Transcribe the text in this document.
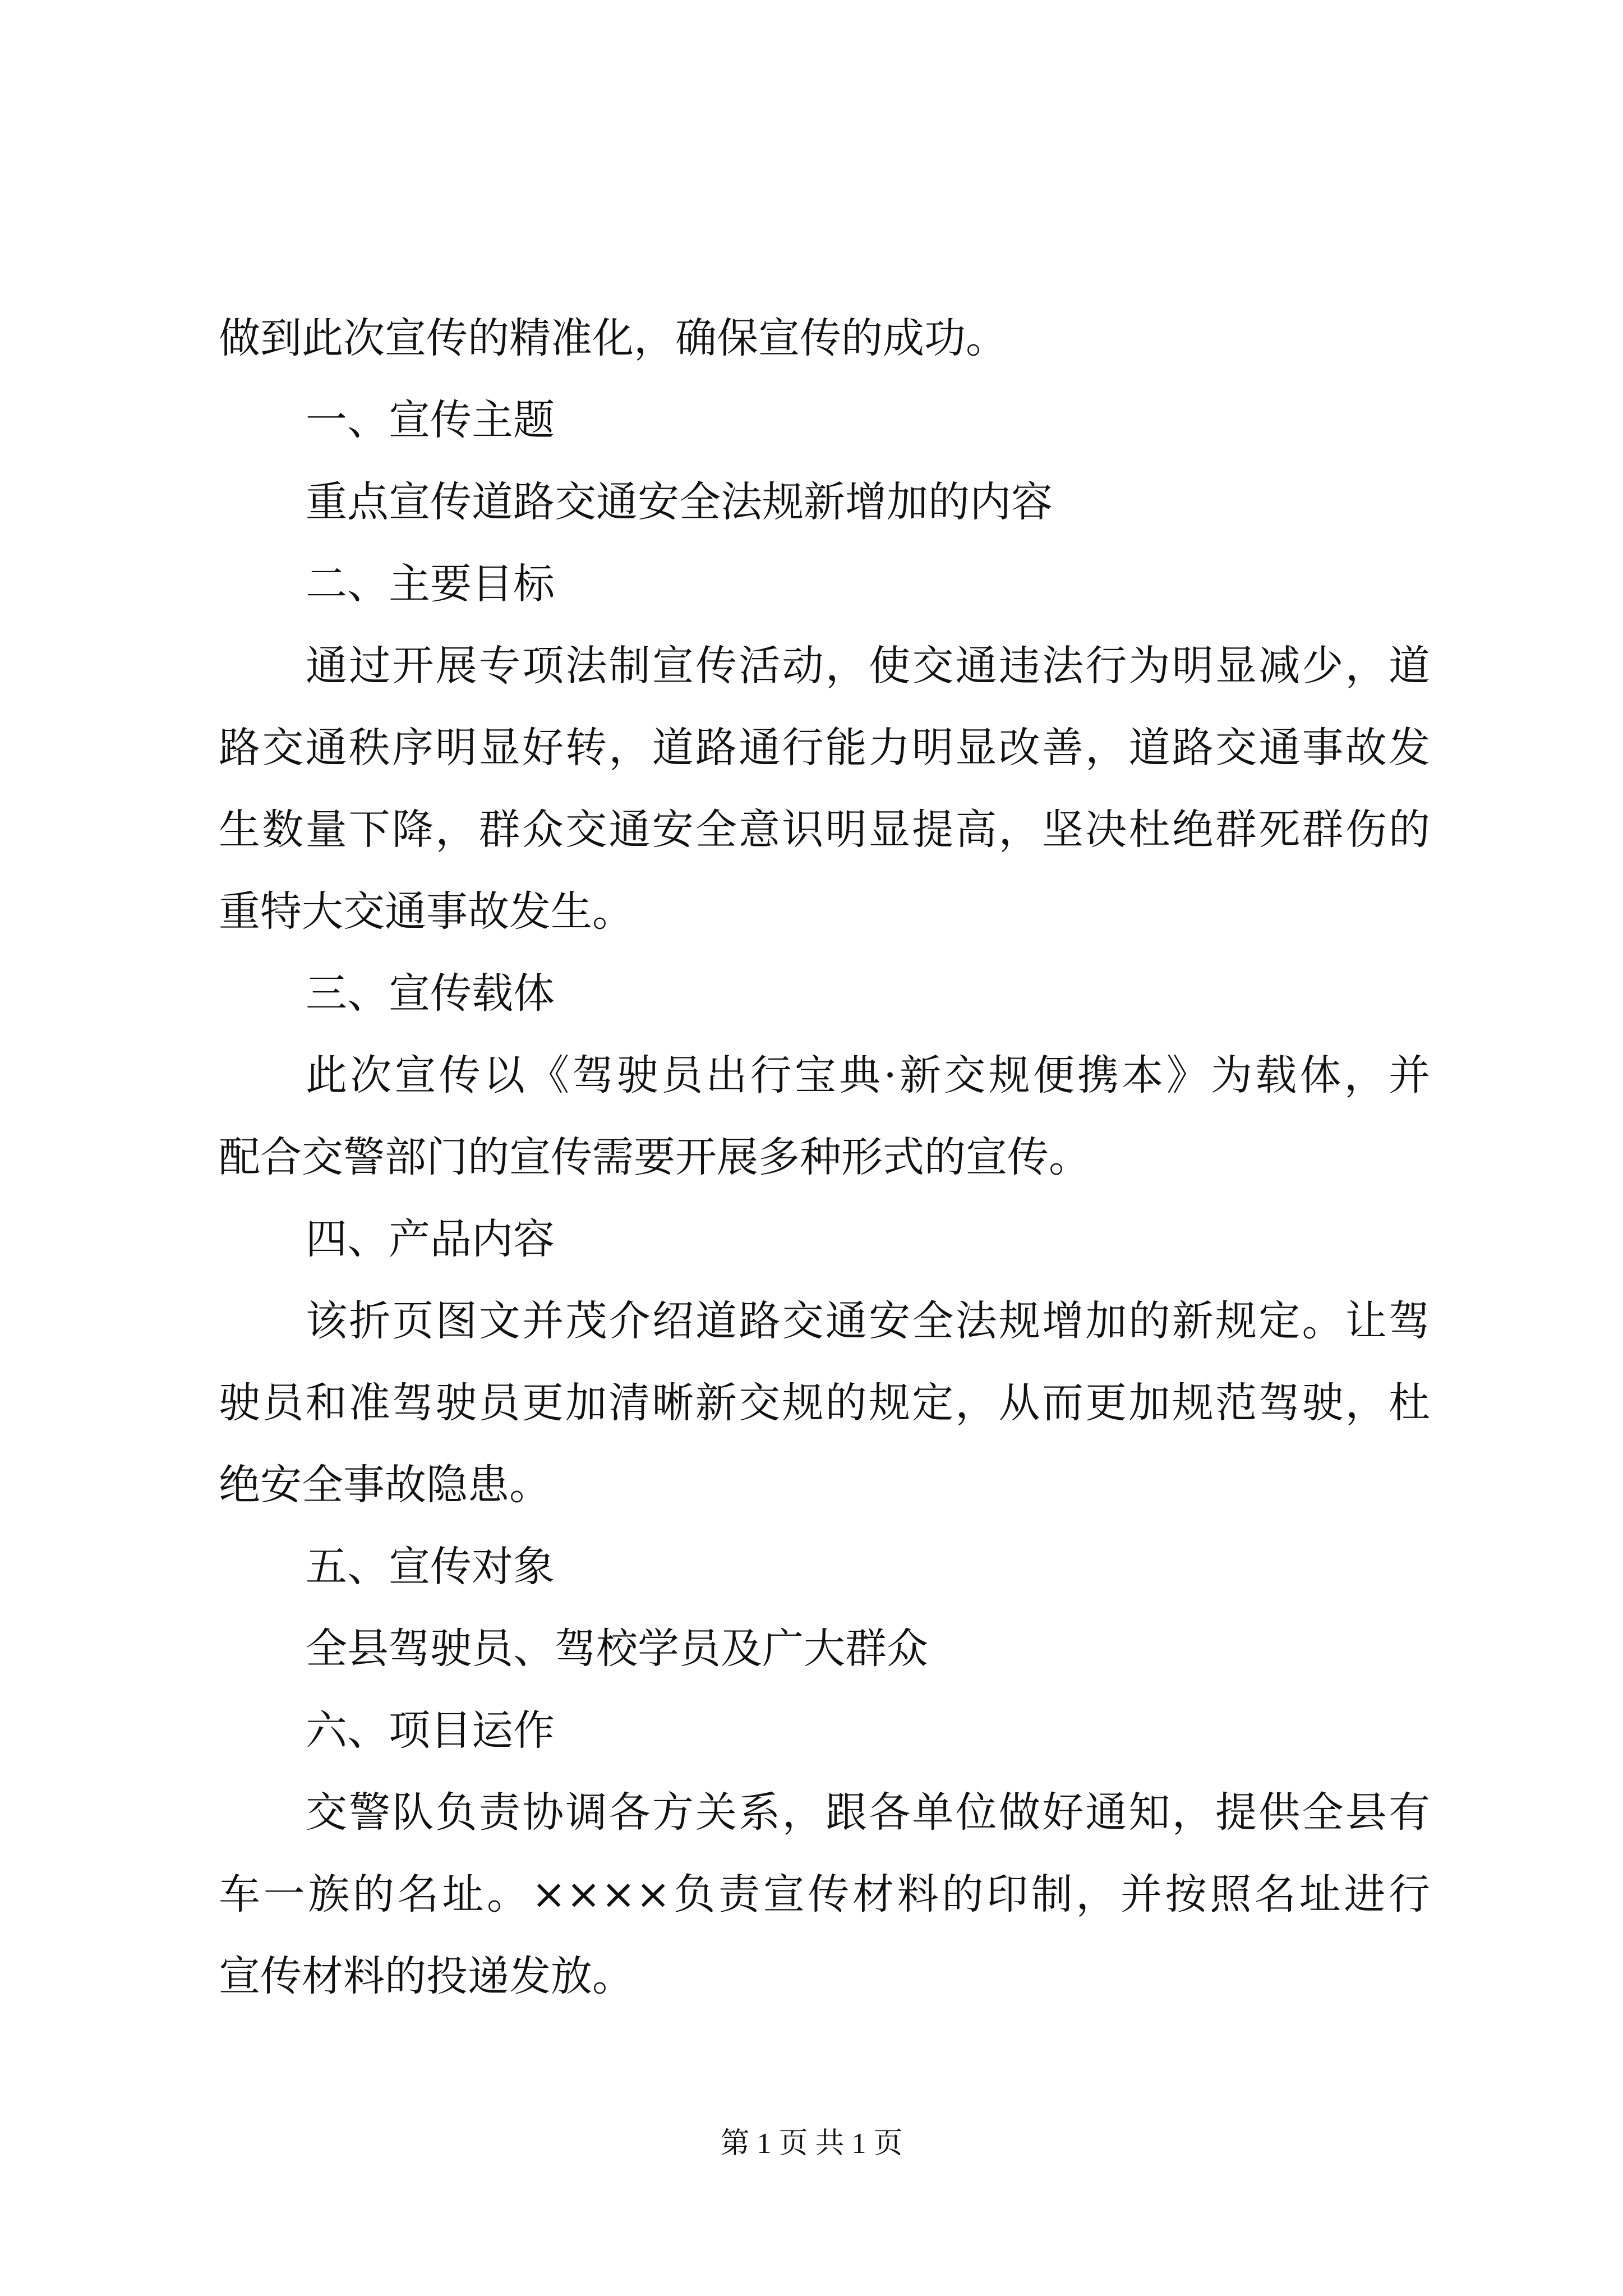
做到此次宣传的精准化，确保宣传的成功。
一、宣传主题
重点宣传道路交通安全法规新增加的内容
二、主要目标
通过开展专项法制宣传活动，使交通违法行为明显减少，道
路交通秩序明显好转，道路通行能力明显改善，道路交通事故发
生数量下降，群众交通安全意识明显提高，坚决杜绝群死群伤的
重特大交通事故发生。
三、宣传载体
此次宣传以《驾驶员出行宝典·新交规便携本》为载体，并
配合交警部门的宣传需要开展多种形式的宣传。
四、产品内容
该折页图文并茂介绍道路交通安全法规增加的新规定。让驾
驶员和准驾驶员更加清晰新交规的规定，从而更加规范驾驶，杜
绝安全事故隐患。
五、宣传对象
全县驾驶员、驾校学员及广大群众
六、项目运作
交警队负责协调各方关系，跟各单位做好通知，提供全县有
车一族的名址。××××负责宣传材料的印制，并按照名址进行
宣传材料的投递发放。
第 1 页 共 1 页
